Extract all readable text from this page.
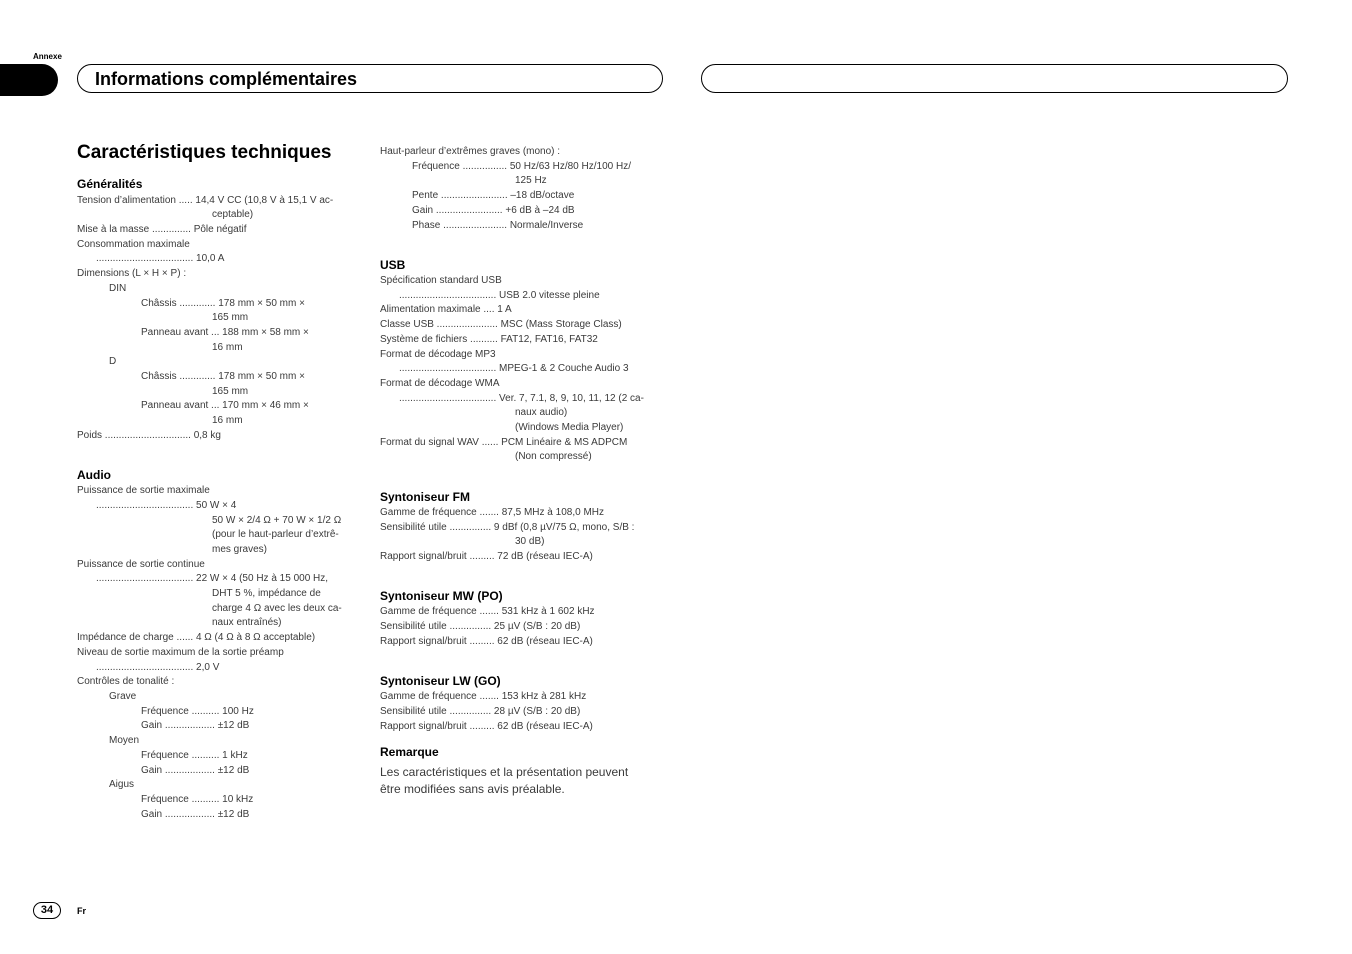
Annexe
Informations complémentaires
Caractéristiques techniques
Généralités
Tension d’alimentation ..... 14,4 V CC (10,8 V à 15,1 V ac-
ceptable)
Mise à la masse .............. Pôle négatif
Consommation maximale
................................... 10,0 A
Dimensions (L × H × P) :
DIN
Châssis ............. 178 mm × 50 mm ×
165 mm
Panneau avant ... 188 mm × 58 mm ×
16 mm
D
Châssis ............. 178 mm × 50 mm ×
165 mm
Panneau avant ... 170 mm × 46 mm ×
16 mm
Poids ............................... 0,8 kg
Audio
Puissance de sortie maximale
................................... 50 W × 4
50 W × 2/4 Ω + 70 W × 1/2 Ω
(pour le haut-parleur d’extrê-
mes graves)
Puissance de sortie continue
................................... 22 W × 4 (50 Hz à 15 000 Hz,
DHT 5 %, impédance de
charge 4 Ω avec les deux ca-
naux entraînés)
Impédance de charge ...... 4 Ω (4 Ω à 8 Ω acceptable)
Niveau de sortie maximum de la sortie préamp
................................... 2,0 V
Contrôles de tonalité :
Grave
Fréquence .......... 100 Hz
Gain .................. ±12 dB
Moyen
Fréquence .......... 1 kHz
Gain .................. ±12 dB
Aigus
Fréquence .......... 10 kHz
Gain .................. ±12 dB
Haut-parleur d’extrêmes graves (mono) :
Fréquence ................ 50 Hz/63 Hz/80 Hz/100 Hz/
125 Hz
Pente ........................ –18 dB/octave
Gain ........................ +6 dB à –24 dB
Phase ....................... Normale/Inverse
USB
Spécification standard USB
................................... USB 2.0 vitesse pleine
Alimentation maximale .... 1 A
Classe USB ...................... MSC (Mass Storage Class)
Système de fichiers .......... FAT12, FAT16, FAT32
Format de décodage MP3
................................... MPEG-1 & 2 Couche Audio 3
Format de décodage WMA
................................... Ver. 7, 7.1, 8, 9, 10, 11, 12 (2 ca-
naux audio)
(Windows Media Player)
Format du signal WAV ...... PCM Linéaire & MS ADPCM
(Non compressé)
Syntoniseur FM
Gamme de fréquence ....... 87,5 MHz à 108,0 MHz
Sensibilité utile ............... 9 dBf (0,8 µV/75 Ω, mono, S/B :
30 dB)
Rapport signal/bruit ......... 72 dB (réseau IEC-A)
Syntoniseur MW (PO)
Gamme de fréquence ....... 531 kHz à 1 602 kHz
Sensibilité utile ............... 25 µV (S/B : 20 dB)
Rapport signal/bruit ......... 62 dB (réseau IEC-A)
Syntoniseur LW (GO)
Gamme de fréquence ....... 153 kHz à 281 kHz
Sensibilité utile ............... 28 µV (S/B : 20 dB)
Rapport signal/bruit ......... 62 dB (réseau IEC-A)
Remarque
Les caractéristiques et la présentation peuvent
être modifiées sans avis préalable.
34	Fr
